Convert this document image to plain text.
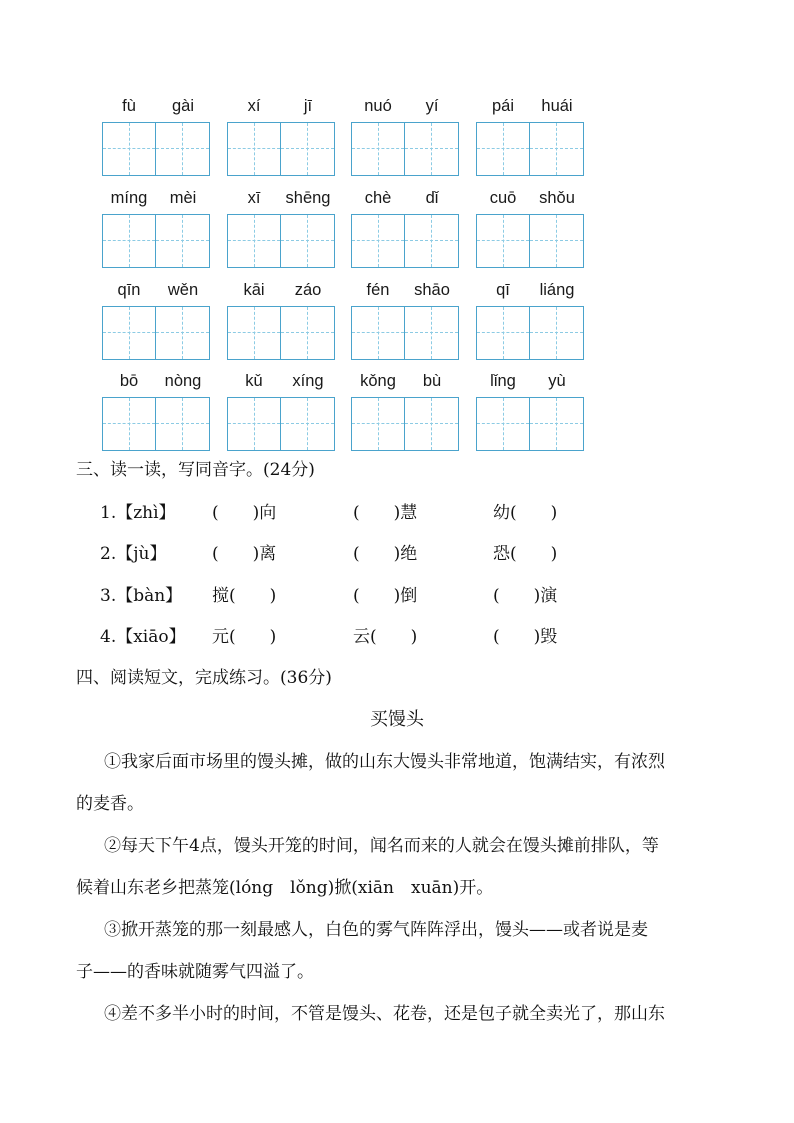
fù	gài	xí	jī	nuó	yí	pái	huái
míng	mèi	xī	shēng	chè	dǐ	cuō	shǒu
qīn	wěn	kāi	záo	fén	shāo	qī	liáng
bō	nòng	kǔ	xíng	kǒng	bù	lǐng	yù
三、读一读，写同音字。(24分)
1.【zhì】 (　　)向	(　　)慧	幼(　　)
2.【jù】	(　　)离	(　　)绝	恐(　　)
3.【bàn】 搅(　　)	(　　)倒	(　　)演
4.【xiāo】 元(　　)	云(　　)	(　　)毁
四、阅读短文，完成练习。(36分)
买馒头
①我家后面市场里的馒头摊，做的山东大馒头非常地道，饱满结实，有浓烈
的麦香。
②每天下午4点，馒头开笼的时间，闻名而来的人就会在馒头摊前排队，等
候着山东老乡把蒸笼(lóng　lǒng)掀(xiān　xuān)开。
③掀开蒸笼的那一刻最感人，白色的雾气阵阵浮出，馒头——或者说是麦
子——的香味就随雾气四溢了。
④差不多半小时的时间，不管是馒头、花卷，还是包子就全卖光了，那山东
